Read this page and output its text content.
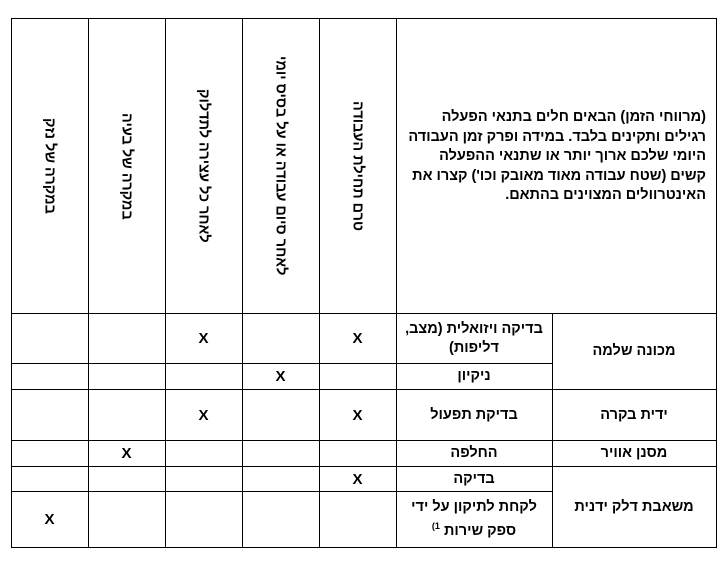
(מרווחי הזמן) הבאים חלים בתנאי הפעלה רגילים ותקינים בלבד. במידה ופרק זמן העבודה היומי שלכם ארוך יותר או שתנאי ההפעלה קשים (שטח עבודה מאוד מאובק וכו') קצרו את האינטרוולים המצוינים בהתאם.
טרם תחילת העבודה
לאחר סיום עבודה או על בסיס יומי
לאחר כל עצירה לתדלוק
במקרה של בעיה
במקרה של נזק
מכונה שלמה
ידית בקרה
מסנן אוויר
משאבת דלק ידנית
בדיקה ויזואלית (מצב, דליפות)
ניקיון
בדיקת תפעול
החלפה
בדיקה
לקחת לתיקון על ידי ספק שירות $^{1)}$
X
X
X
X
X
X
X
X
